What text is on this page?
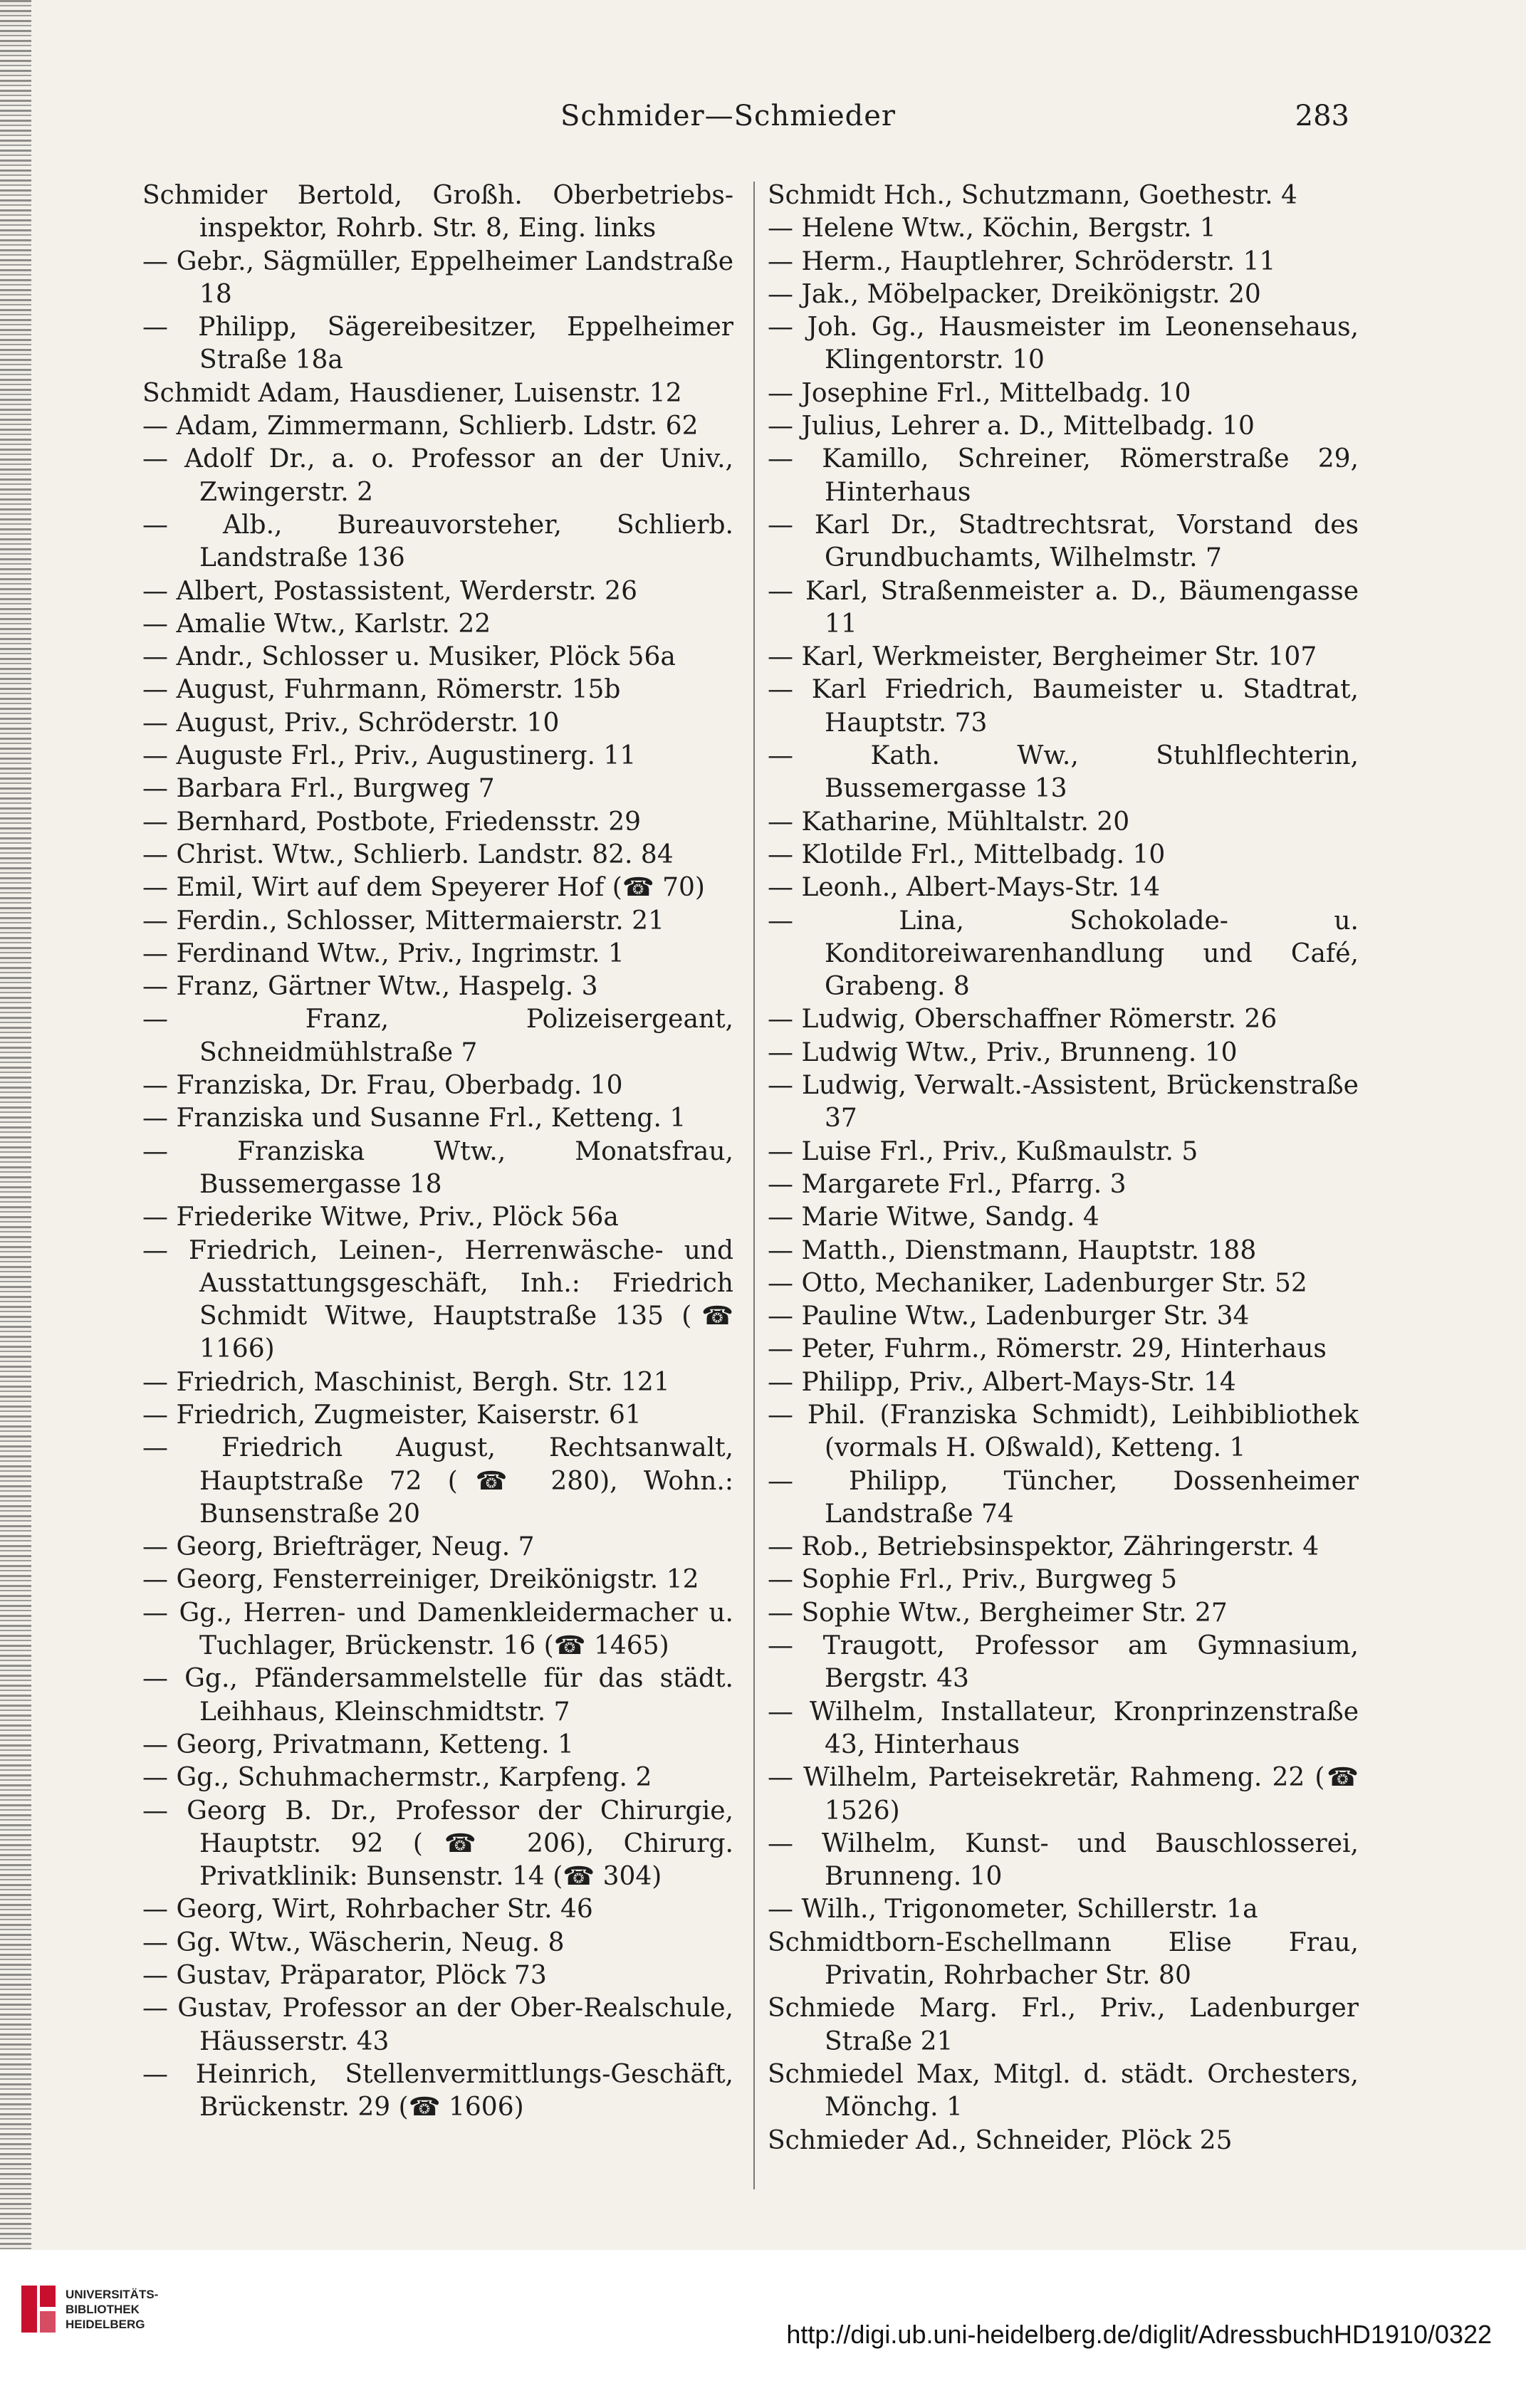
Schmider—Schmieder	283
Schmider Bertold, Großh. Oberbetriebs-inspektor, Rohrb. Str. 8, Eing. links
— Gebr., Sägmüller, Eppelheimer Landstraße 18
— Philipp, Sägereibesitzer, Eppelheimer Straße 18a
Schmidt Adam, Hausdiener, Luisenstr. 12
— Adam, Zimmermann, Schlierb. Ldstr. 62
— Adolf Dr., a. o. Professor an der Univ., Zwingerstr. 2
— Alb., Bureauvorsteher, Schlierb. Landstraße 136
— Albert, Postassistent, Werderstr. 26
— Amalie Wtw., Karlstr. 22
— Andr., Schlosser u. Musiker, Plöck 56a
— August, Fuhrmann, Römerstr. 15b
— August, Priv., Schröderstr. 10
— Auguste Frl., Priv., Augustinerg. 11
— Barbara Frl., Burgweg 7
— Bernhard, Postbote, Friedensstr. 29
— Christ. Wtw., Schlierb. Landstr. 82. 84
— Emil, Wirt auf dem Speyerer Hof (☎ 70)
— Ferdin., Schlosser, Mittermaierstr. 21
— Ferdinand Wtw., Priv., Ingrimstr. 1
— Franz, Gärtner Wtw., Haspelg. 3
— Franz, Polizeisergeant, Schneidmühlstraße 7
— Franziska, Dr. Frau, Oberbadg. 10
— Franziska und Susanne Frl., Ketteng. 1
— Franziska Wtw., Monatsfrau, Bussemergasse 18
— Friederike Witwe, Priv., Plöck 56a
— Friedrich, Leinen-, Herrenwäsche- und Ausstattungsgeschäft, Inh.: Friedrich Schmidt Witwe, Hauptstraße 135 (☎ 1166)
— Friedrich, Maschinist, Bergh. Str. 121
— Friedrich, Zugmeister, Kaiserstr. 61
— Friedrich August, Rechtsanwalt, Hauptstraße 72 (☎ 280), Wohn.: Bunsenstraße 20
— Georg, Briefträger, Neug. 7
— Georg, Fensterreiniger, Dreikönigstr. 12
— Gg., Herren- und Damenkleidermacher u. Tuchlager, Brückenstr. 16 (☎ 1465)
— Gg., Pfändersammelstelle für das städt. Leihhaus, Kleinschmidtstr. 7
— Georg, Privatmann, Ketteng. 1
— Gg., Schuhmachermstr., Karpfeng. 2
— Georg B. Dr., Professor der Chirurgie, Hauptstr. 92 (☎ 206), Chirurg. Privatklinik: Bunsenstr. 14 (☎ 304)
— Georg, Wirt, Rohrbacher Str. 46
— Gg. Wtw., Wäscherin, Neug. 8
— Gustav, Präparator, Plöck 73
— Gustav, Professor an der Ober-Realschule, Häusserstr. 43
— Heinrich, Stellenvermittlungs-Geschäft, Brückenstr. 29 (☎ 1606)
Schmidt Hch., Schutzmann, Goethestr. 4
— Helene Wtw., Köchin, Bergstr. 1
— Herm., Hauptlehrer, Schröderstr. 11
— Jak., Möbelpacker, Dreikönigstr. 20
— Joh. Gg., Hausmeister im Leonensehaus, Klingentorstr. 10
— Josephine Frl., Mittelbadg. 10
— Julius, Lehrer a. D., Mittelbadg. 10
— Kamillo, Schreiner, Römerstraße 29, Hinterhaus
— Karl Dr., Stadtrechtsrat, Vorstand des Grundbuchamts, Wilhelmstr. 7
— Karl, Straßenmeister a. D., Bäumengasse 11
— Karl, Werkmeister, Bergheimer Str. 107
— Karl Friedrich, Baumeister u. Stadtrat, Hauptstr. 73
— Kath. Ww., Stuhlflechterin, Bussemergasse 13
— Katharine, Mühltalstr. 20
— Klotilde Frl., Mittelbadg. 10
— Leonh., Albert-Mays-Str. 14
— Lina, Schokolade- u. Konditoreiwarenhandlung und Café, Grabeng. 8
— Ludwig, Oberschaffner Römerstr. 26
— Ludwig Wtw., Priv., Brunneng. 10
— Ludwig, Verwalt.-Assistent, Brückenstraße 37
— Luise Frl., Priv., Kußmaulstr. 5
— Margarete Frl., Pfarrg. 3
— Marie Witwe, Sandg. 4
— Matth., Dienstmann, Hauptstr. 188
— Otto, Mechaniker, Ladenburger Str. 52
— Pauline Wtw., Ladenburger Str. 34
— Peter, Fuhrm., Römerstr. 29, Hinterhaus
— Philipp, Priv., Albert-Mays-Str. 14
— Phil. (Franziska Schmidt), Leihbibliothek (vormals H. Oßwald), Ketteng. 1
— Philipp, Tüncher, Dossenheimer Landstraße 74
— Rob., Betriebsinspektor, Zähringerstr. 4
— Sophie Frl., Priv., Burgweg 5
— Sophie Wtw., Bergheimer Str. 27
— Traugott, Professor am Gymnasium, Bergstr. 43
— Wilhelm, Installateur, Kronprinzenstraße 43, Hinterhaus
— Wilhelm, Parteisekretär, Rahmeng. 22 (☎ 1526)
— Wilhelm, Kunst- und Bauschlosserei, Brunneng. 10
— Wilh., Trigonometer, Schillerstr. 1a
Schmidtborn-Eschellmann Elise Frau, Privatin, Rohrbacher Str. 80
Schmiede Marg. Frl., Priv., Ladenburger Straße 21
Schmiedel Max, Mitgl. d. städt. Orchesters, Mönchg. 1
Schmieder Ad., Schneider, Plöck 25
UNIVERSITÄTS-
BIBLIOTHEK
HEIDELBERG	http://digi.ub.uni-heidelberg.de/diglit/AdressbuchHD1910/0322
